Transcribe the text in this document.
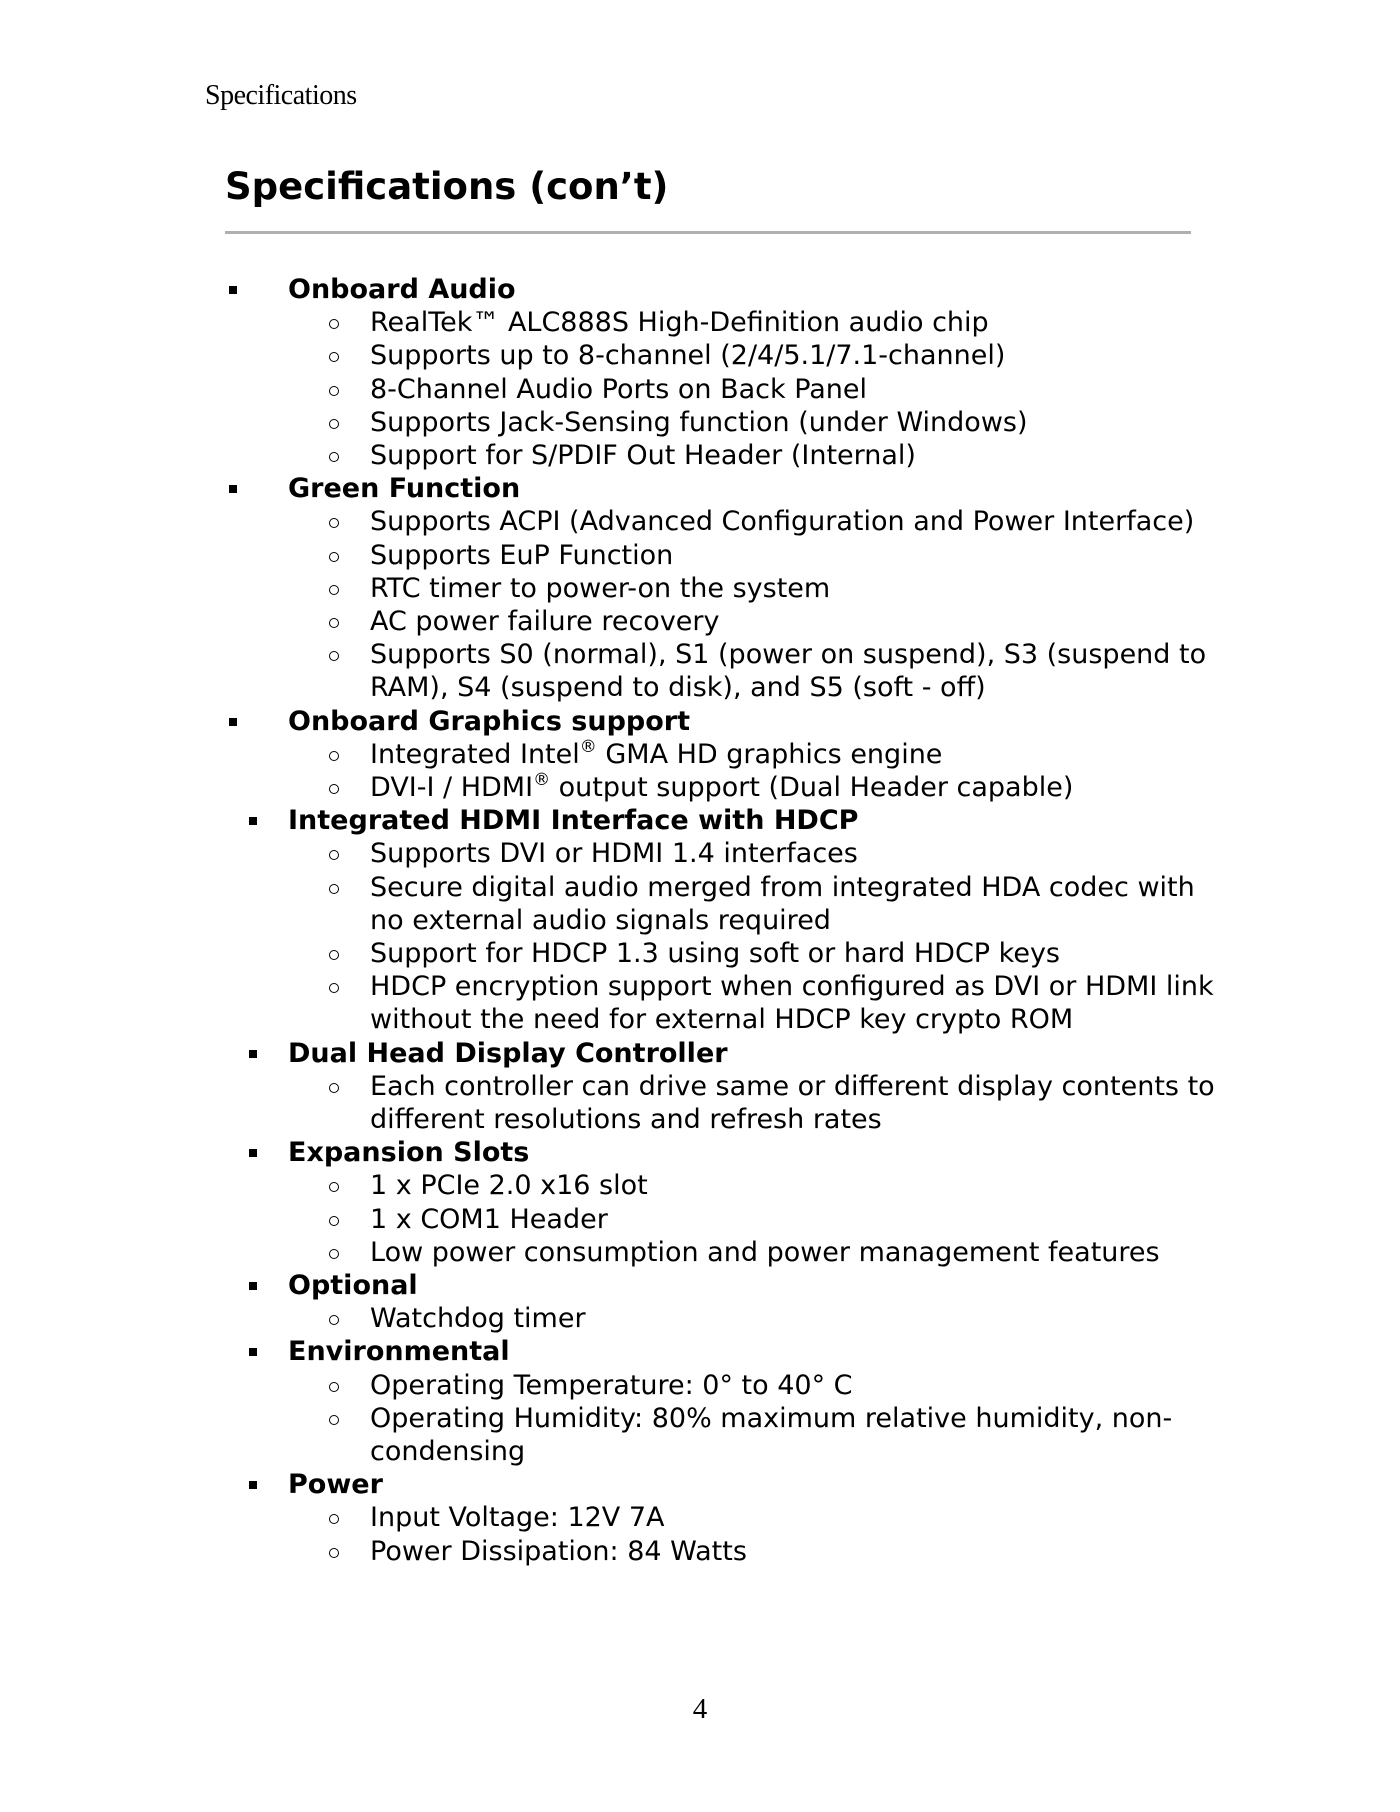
Specifications
Specifications (con’t)
Onboard Audio
RealTek™ ALC888S High-Definition audio chip
Supports up to 8-channel (2/4/5.1/7.1-channel)
8-Channel Audio Ports on Back Panel
Supports Jack-Sensing function (under Windows)
Support for S/PDIF Out Header (Internal)
Green Function
Supports ACPI (Advanced Configuration and Power Interface)
Supports EuP Function
RTC timer to power-on the system
AC power failure recovery
Supports S0 (normal), S1 (power on suspend), S3 (suspend to RAM), S4 (suspend to disk), and S5 (soft - off)
Onboard Graphics support
Integrated Intel® GMA HD graphics engine
DVI-I / HDMI® output support (Dual Header capable)
Integrated HDMI Interface with HDCP
Supports DVI or HDMI 1.4 interfaces
Secure digital audio merged from integrated HDA codec with no external audio signals required
Support for HDCP 1.3 using soft or hard HDCP keys
HDCP encryption support when configured as DVI or HDMI link without the need for external HDCP key crypto ROM
Dual Head Display Controller
Each controller can drive same or different display contents to different resolutions and refresh rates
Expansion Slots
1 x PCIe 2.0 x16 slot
1 x COM1 Header
Low power consumption and power management features
Optional
Watchdog timer
Environmental
Operating Temperature: 0° to 40° C
Operating Humidity: 80% maximum relative humidity, non-condensing
Power
Input Voltage: 12V 7A
Power Dissipation: 84 Watts
4
